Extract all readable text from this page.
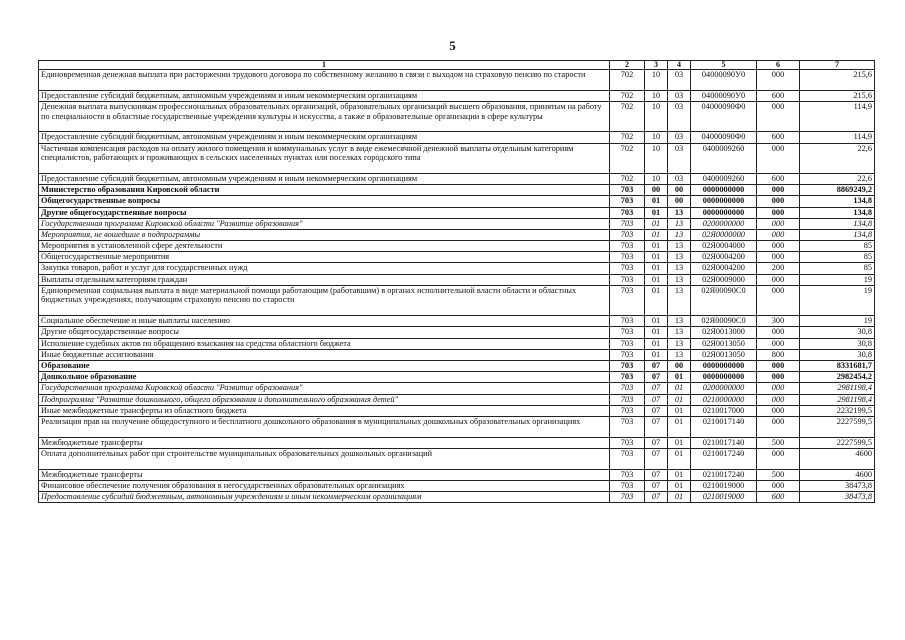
5
1	2	3	4	5	6	7
Единовременная денежная выплата при расторжении трудового договора по собственному желанию в связи с выходом на страховую пенсию по старости	702	10	03	04000090У0	000	215,6
Предоставление субсидий бюджетным, автономным учреждениям и иным некоммерческим организациям	702	10	03	04000090У0	600	215,6
Денежная выплата выпускникам профессиональных образовательных организаций, образовательных организаций высшего образования, принятым на работу по специальности в областные государственные учреждения культуры и искусства, а также в образовательные организации в сфере культуры	702	10	03	04000090Ф0	000	114,9
Предоставление субсидий бюджетным, автономным учреждениям и иным некоммерческим организациям	702	10	03	04000090Ф0	600	114,9
Частичная компенсация расходов на оплату жилого помещения и коммунальных услуг в виде ежемесячной денежной выплаты отдельным категориям специалистов, работающих и проживающих в сельских населенных пунктах или поселках городского типа	702	10	03	0400009260	000	22,6
Предоставление субсидий бюджетным, автономным учреждениям и иным некоммерческим организациям	702	10	03	0400009260	600	22,6
Министерство образования Кировской области	703	00	00	0000000000	000	8869249,2
Общегосударственные вопросы	703	01	00	0000000000	000	134,8
Другие общегосударственные вопросы	703	01	13	0000000000	000	134,8
Государственная программа Кировской области "Развитие образования"	703	01	13	0200000000	000	134,8
Мероприятия, не вошедшие в подпрограммы	703	01	13	02Я0000000	000	134,8
Мероприятия в установленной сфере деятельности	703	01	13	02Я0004000	000	85
Общегосударственные мероприятия	703	01	13	02Я0004200	000	85
Закупка товаров, работ и услуг для государственных нужд	703	01	13	02Я0004200	200	85
Выплаты отдельным категориям граждан	703	01	13	02Я0009000	000	19
Единовременная социальная выплата в виде материальной помощи работающим (работавшим) в органах исполнительной власти области и областных бюджетных учреждениях, получающим страховую пенсию по старости	703	01	13	02Я00090С0	000	19
Социальное обеспечение и иные выплаты населению	703	01	13	02Я00090С0	300	19
Другие общегосударственные вопросы	703	01	13	02Я0013000	000	30,8
Исполнение судебных актов по обращению взыскания на средства областного бюджета	703	01	13	02Я0013050	000	30,8
Иные бюджетные ассигнования	703	01	13	02Я0013050	800	30,8
Образование	703	07	00	0000000000	000	8331681,7
Дошкольное образование	703	07	01	0000000000	000	2982454,2
Государственная программа Кировской области "Развитие образования"	703	07	01	0200000000	000	2981198,4
Подпрограмма "Развитие дошкольного, общего образования и дополнительного образования детей"	703	07	01	0210000000	000	2981198,4
Иные межбюджетные трансферты из областного бюджета	703	07	01	0210017000	000	2232199,5
Реализация прав на получение общедоступного и бесплатного дошкольного образования в муниципальных дошкольных образовательных организациях	703	07	01	0210017140	000	2227599,5
Межбюджетные трансферты	703	07	01	0210017140	500	2227599,5
Оплата дополнительных работ при строительстве муниципальных образовательных дошкольных организаций	703	07	01	0210017240	000	4600
Межбюджетные трансферты	703	07	01	0210017240	500	4600
Финансовое обеспечение получения образования в негосударственных образовательных организациях	703	07	01	0210019000	000	38473,8
Предоставление субсидий бюджетным, автономным учреждениям и иным некоммерческим организациям	703	07	01	0210019000	600	38473,8
